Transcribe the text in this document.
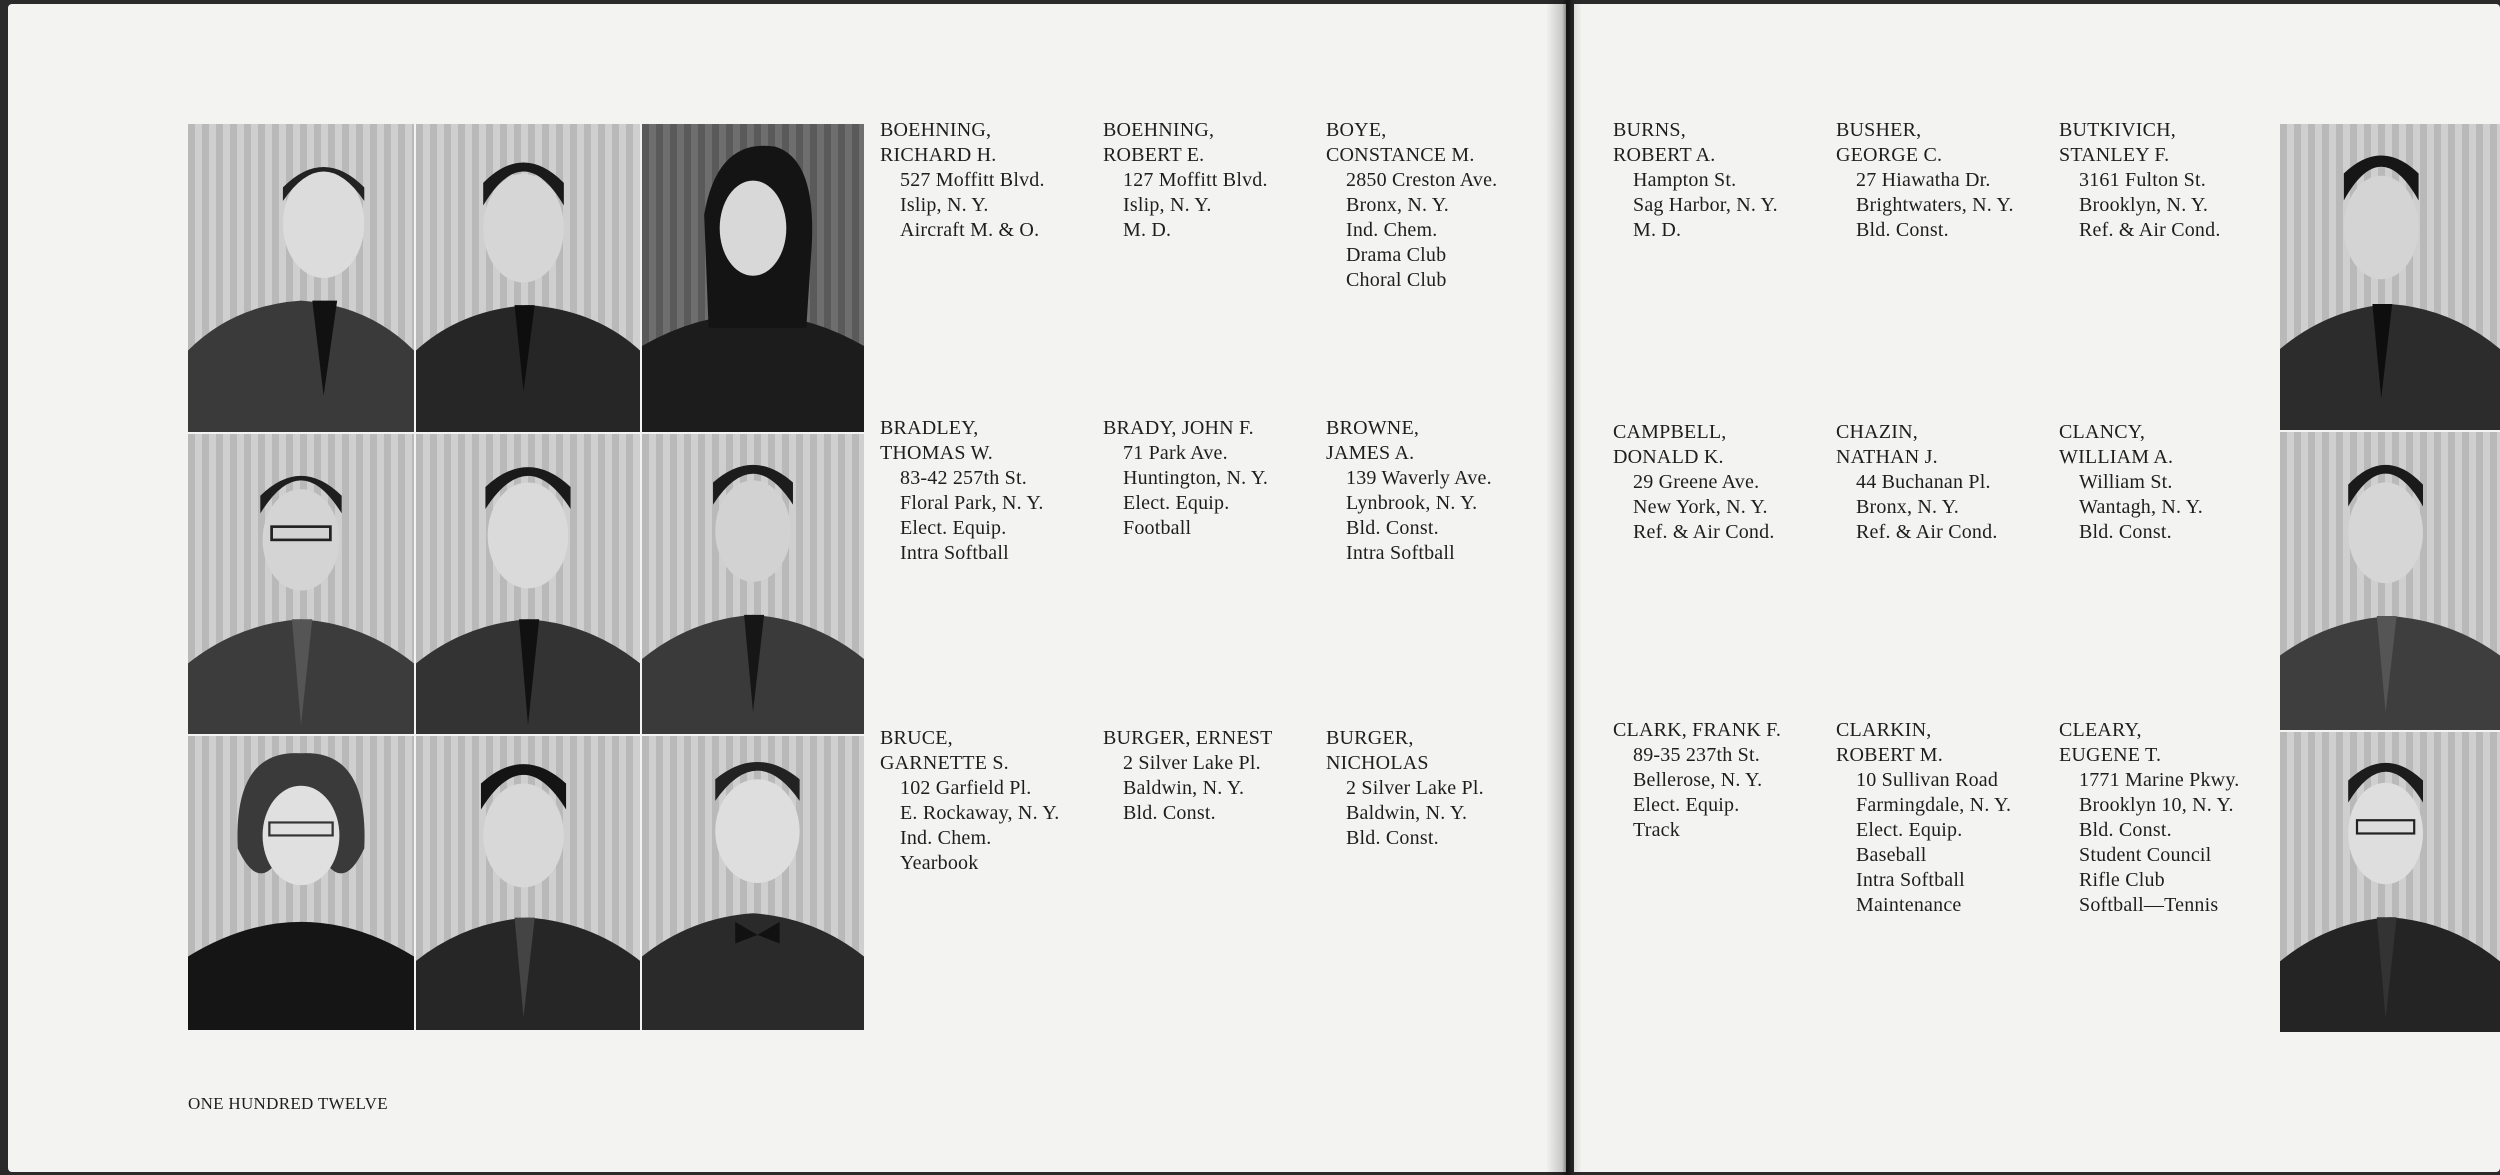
BOEHNING,
RICHARD H.
527 Moffitt Blvd.
Islip, N. Y.
Aircraft M. & O.
BOEHNING,
ROBERT E.
127 Moffitt Blvd.
Islip, N. Y.
M. D.
BOYE,
CONSTANCE M.
2850 Creston Ave.
Bronx, N. Y.
Ind. Chem.
Drama Club
Choral Club
BRADLEY,
THOMAS W.
83-42 257th St.
Floral Park, N. Y.
Elect. Equip.
Intra Softball
BRADY, JOHN F.
71 Park Ave.
Huntington, N. Y.
Elect. Equip.
Football
BROWNE,
JAMES A.
139 Waverly Ave.
Lynbrook, N. Y.
Bld. Const.
Intra Softball
BRUCE,
GARNETTE S.
102 Garfield Pl.
E. Rockaway, N. Y.
Ind. Chem.
Yearbook
BURGER, ERNEST
2 Silver Lake Pl.
Baldwin, N. Y.
Bld. Const.
BURGER,
NICHOLAS
2 Silver Lake Pl.
Baldwin, N. Y.
Bld. Const.
BURNS,
ROBERT A.
Hampton St.
Sag Harbor, N. Y.
M. D.
BUSHER,
GEORGE C.
27 Hiawatha Dr.
Brightwaters, N. Y.
Bld. Const.
BUTKIVICH,
STANLEY F.
3161 Fulton St.
Brooklyn, N. Y.
Ref. & Air Cond.
CAMPBELL,
DONALD K.
29 Greene Ave.
New York, N. Y.
Ref. & Air Cond.
CHAZIN,
NATHAN J.
44 Buchanan Pl.
Bronx, N. Y.
Ref. & Air Cond.
CLANCY,
WILLIAM A.
William St.
Wantagh, N. Y.
Bld. Const.
CLARK, FRANK F.
89-35 237th St.
Bellerose, N. Y.
Elect. Equip.
Track
CLARKIN,
ROBERT M.
10 Sullivan Road
Farmingdale, N. Y.
Elect. Equip.
Baseball
Intra Softball
Maintenance
CLEARY,
EUGENE T.
1771 Marine Pkwy.
Brooklyn 10, N. Y.
Bld. Const.
Student Council
Rifle Club
Softball—Tennis
ONE HUNDRED TWELVE
